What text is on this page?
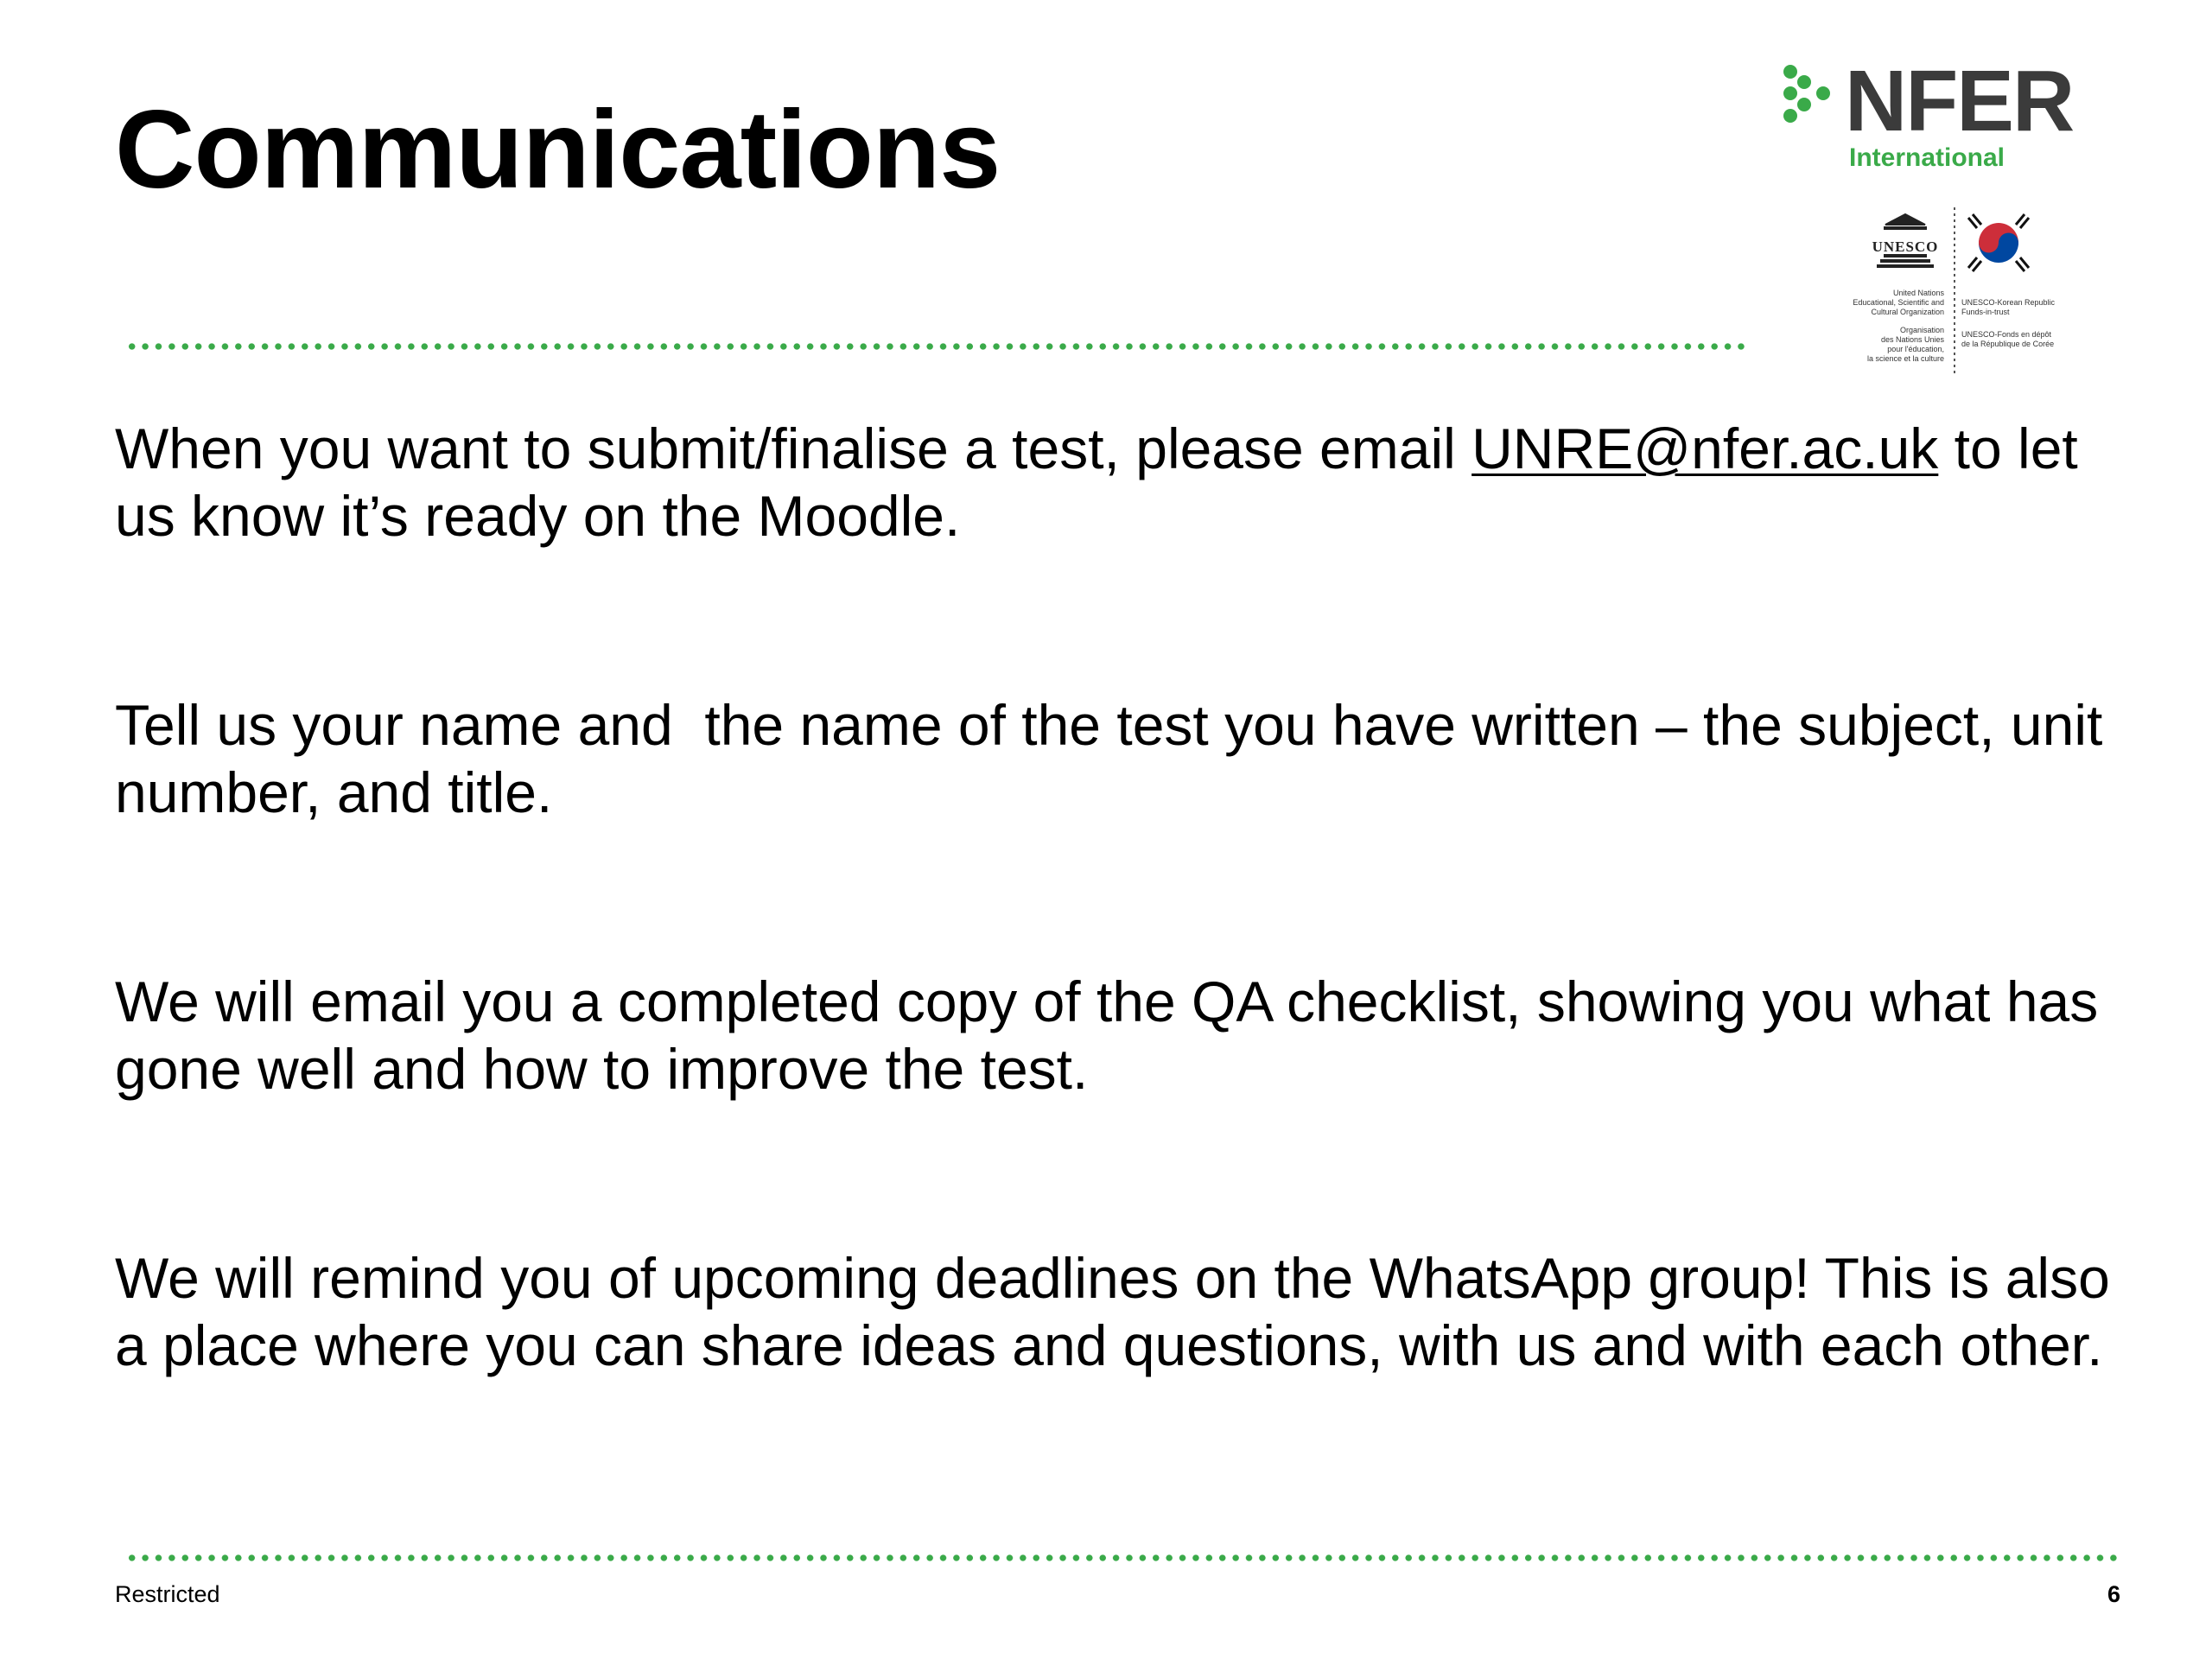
Communications	NFER
International
UNESCO
United Nations
Educational, Scientific and
Cultural Organization
Organisation
des Nations Unies
pour l'éducation,
la science et la culture
UNESCO-Korean Republic
Funds-in-trust
UNESCO-Fonds en dépôt
de la République de Corée

When you want to submit/finalise a test, please email UNRE@nfer.ac.uk to let us know it’s ready on the Moodle.

Tell us your name and  the name of the test you have written – the subject, unit number, and title.

We will email you a completed copy of the QA checklist, showing you what has gone well and how to improve the test.

We will remind you of upcoming deadlines on the WhatsApp group! This is also a place where you can share ideas and questions, with us and with each other.

Restricted	6
